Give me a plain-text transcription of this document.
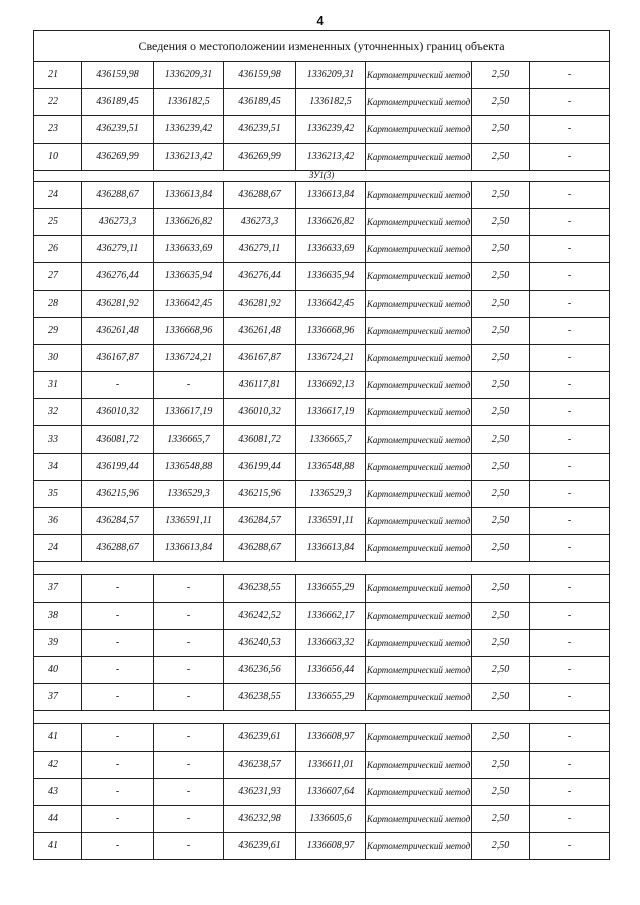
4
Сведения о местоположении измененных (уточненных) границ объекта							
21	436159,98	1336209,31	436159,98	1336209,31	Картометрический метод	2,50	-
22	436189,45	1336182,5	436189,45	1336182,5	Картометрический метод	2,50	-
23	436239,51	1336239,42	436239,51	1336239,42	Картометрический метод	2,50	-
10	436269,99	1336213,42	436269,99	1336213,42	Картометрический метод	2,50	-
ЗУ1(3)							
24	436288,67	1336613,84	436288,67	1336613,84	Картометрический метод	2,50	-
25	436273,3	1336626,82	436273,3	1336626,82	Картометрический метод	2,50	-
26	436279,11	1336633,69	436279,11	1336633,69	Картометрический метод	2,50	-
27	436276,44	1336635,94	436276,44	1336635,94	Картометрический метод	2,50	-
28	436281,92	1336642,45	436281,92	1336642,45	Картометрический метод	2,50	-
29	436261,48	1336668,96	436261,48	1336668,96	Картометрический метод	2,50	-
30	436167,87	1336724,21	436167,87	1336724,21	Картометрический метод	2,50	-
31	-	-	436117,81	1336692,13	Картометрический метод	2,50	-
32	436010,32	1336617,19	436010,32	1336617,19	Картометрический метод	2,50	-
33	436081,72	1336665,7	436081,72	1336665,7	Картометрический метод	2,50	-
34	436199,44	1336548,88	436199,44	1336548,88	Картометрический метод	2,50	-
35	436215,96	1336529,3	436215,96	1336529,3	Картометрический метод	2,50	-
36	436284,57	1336591,11	436284,57	1336591,11	Картометрический метод	2,50	-
24	436288,67	1336613,84	436288,67	1336613,84	Картометрический метод	2,50	-

37	-	-	436238,55	1336655,29	Картометрический метод	2,50	-
38	-	-	436242,52	1336662,17	Картометрический метод	2,50	-
39	-	-	436240,53	1336663,32	Картометрический метод	2,50	-
40	-	-	436236,56	1336656,44	Картометрический метод	2,50	-
37	-	-	436238,55	1336655,29	Картометрический метод	2,50	-

41	-	-	436239,61	1336608,97	Картометрический метод	2,50	-
42	-	-	436238,57	1336611,01	Картометрический метод	2,50	-
43	-	-	436231,93	1336607,64	Картометрический метод	2,50	-
44	-	-	436232,98	1336605,6	Картометрический метод	2,50	-
41	-	-	436239,61	1336608,97	Картометрический метод	2,50	-
